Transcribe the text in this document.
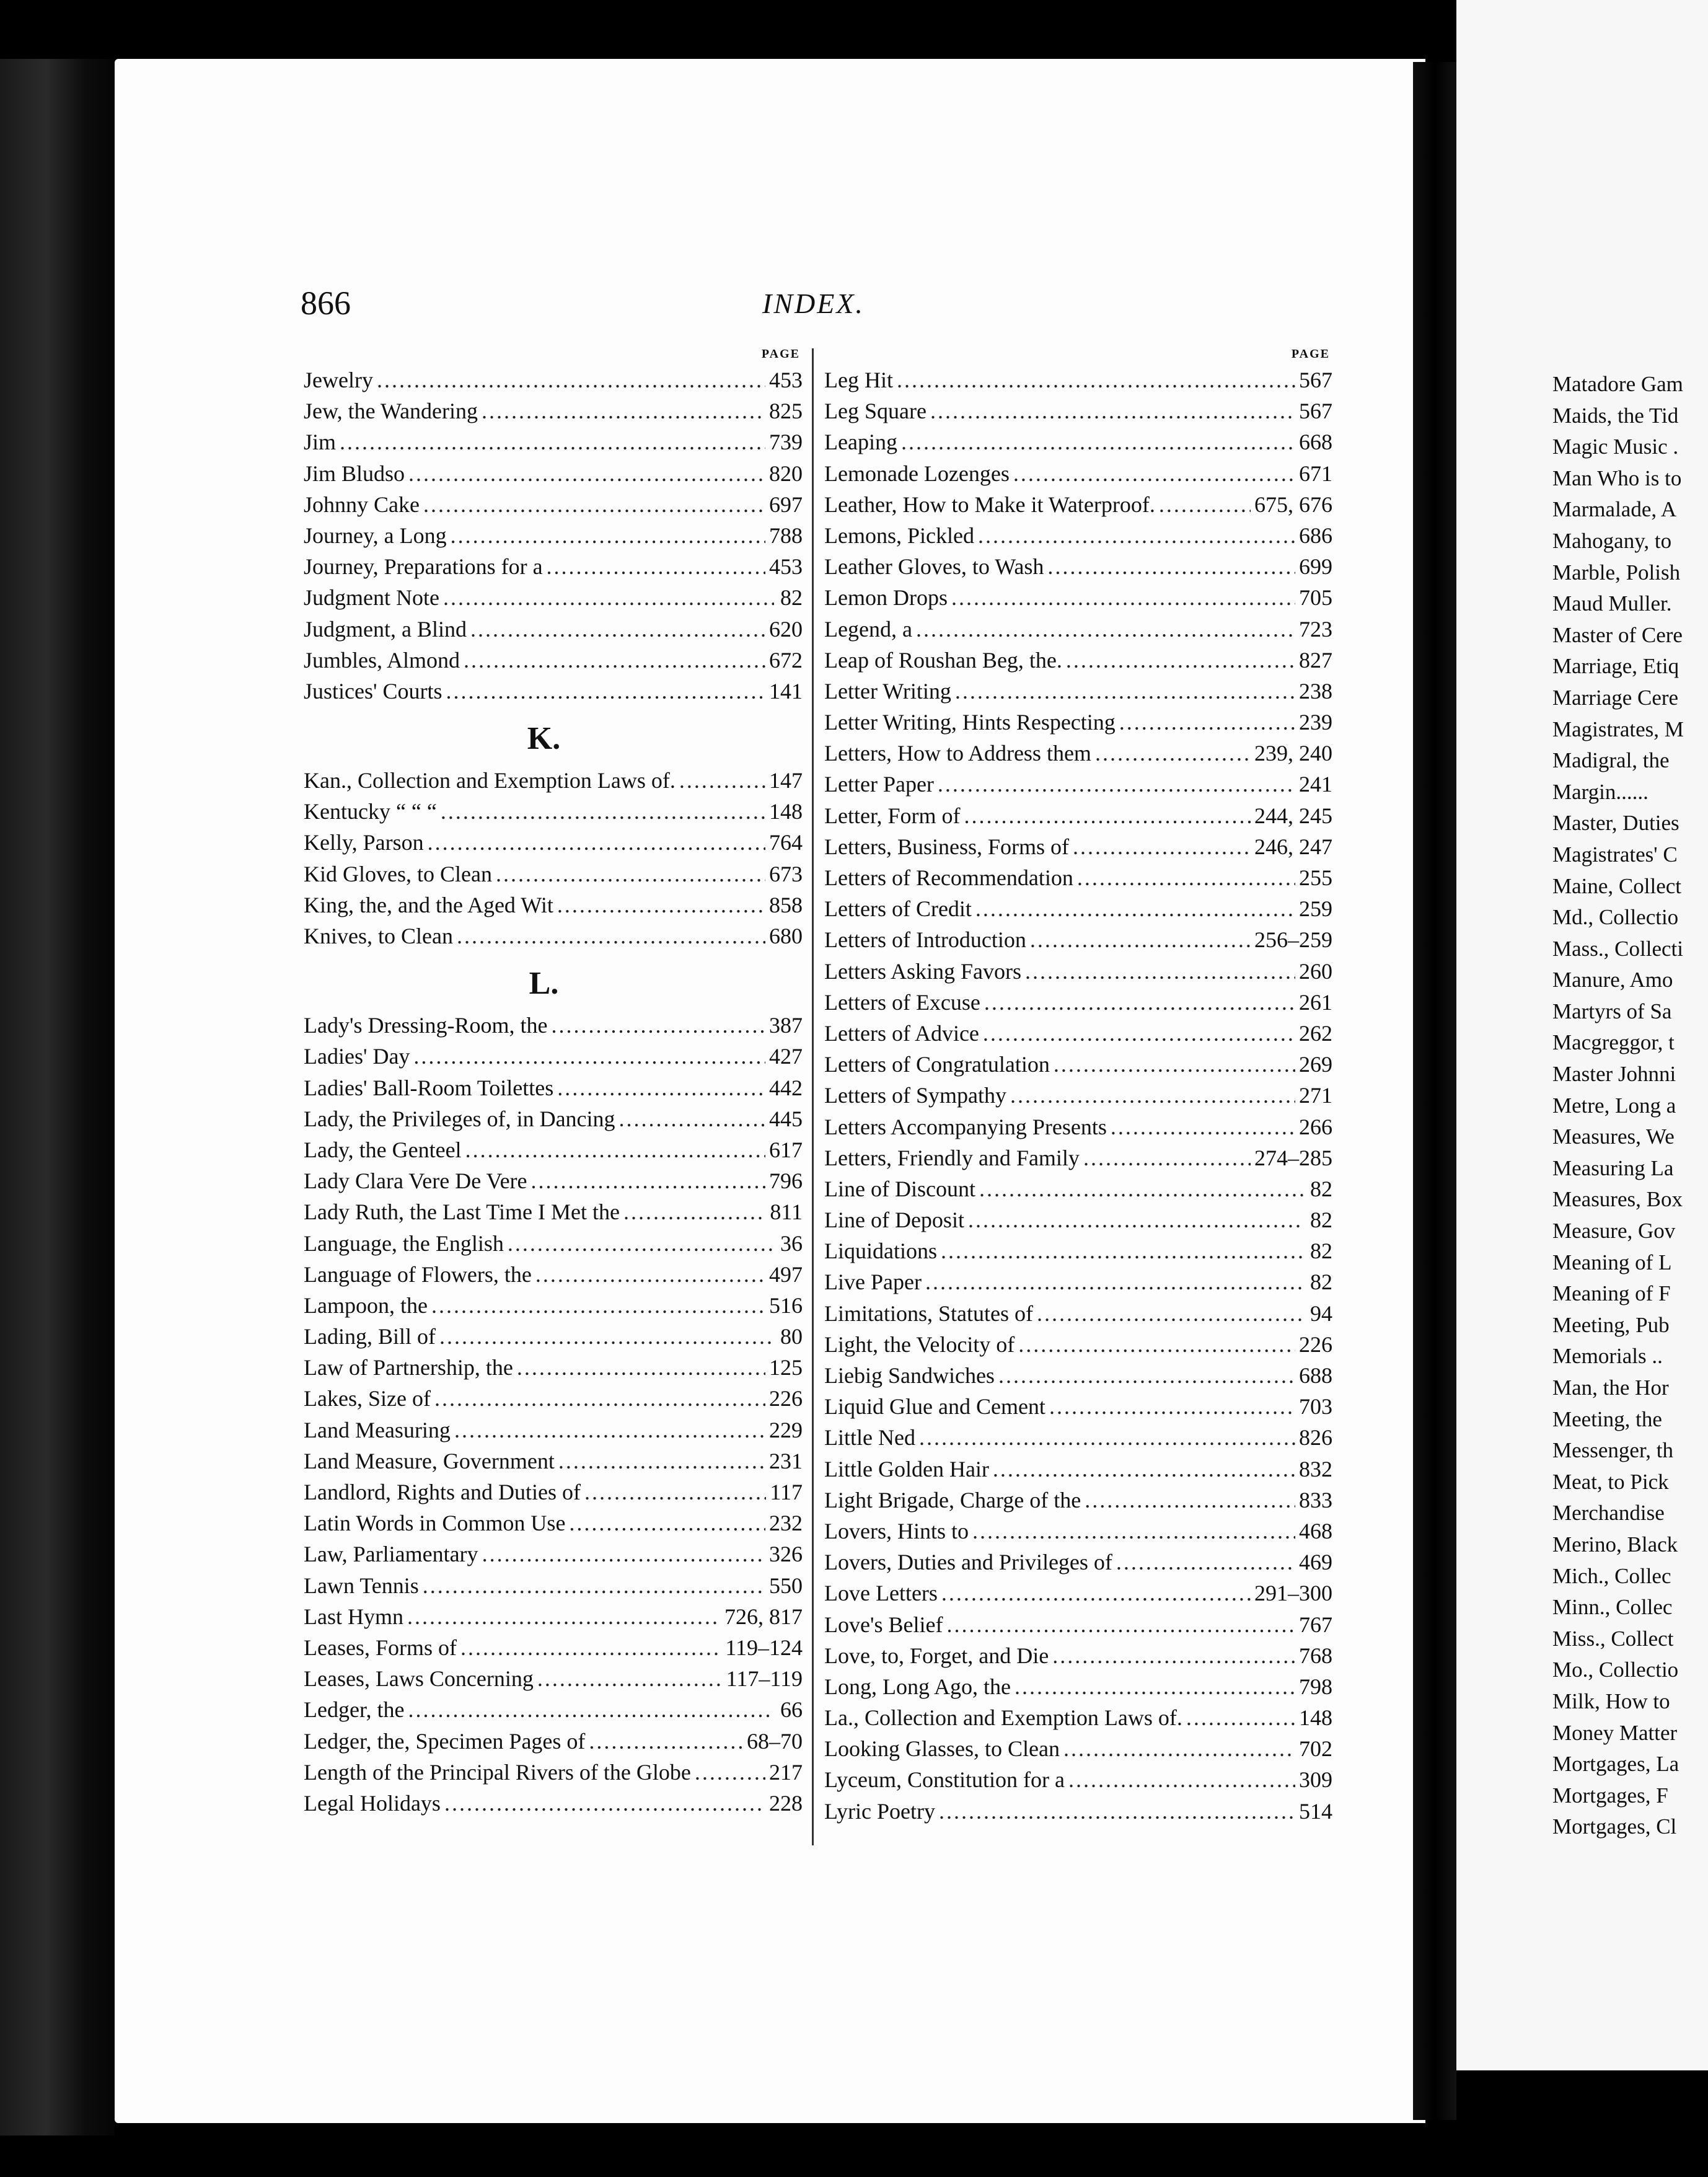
866	INDEX.
PAGE
Jewelry .....	453
Jew, the Wandering .....	825
Jim .....	739
Jim Bludso .....	820
Johnny Cake .....	697
Journey, a Long .....	788
Journey, Preparations for a .....	453
Judgment Note .....	82
Judgment, a Blind .....	620
Jumbles, Almond .....	672
Justices' Courts .....	141
K.
Kan., Collection and Exemption Laws of. .....	147
Kentucky “ “ “ .....	148
Kelly, Parson .....	764
Kid Gloves, to Clean .....	673
King, the, and the Aged Wit .....	858
Knives, to Clean .....	680
L.
Lady's Dressing-Room, the .....	387
Ladies' Day .....	427
Ladies' Ball-Room Toilettes .....	442
Lady, the Privileges of, in Dancing .....	445
Lady, the Genteel .....	617
Lady Clara Vere De Vere .....	796
Lady Ruth, the Last Time I Met the .....	811
Language, the English .....	36
Language of Flowers, the .....	497
Lampoon, the .....	516
Lading, Bill of .....	80
Law of Partnership, the .....	125
Lakes, Size of .....	226
Land Measuring .....	229
Land Measure, Government .....	231
Landlord, Rights and Duties of .....	117
Latin Words in Common Use .....	232
Law, Parliamentary .....	326
Lawn Tennis .....	550
Last Hymn .....	726, 817
Leases, Forms of .....	119–124
Leases, Laws Concerning .....	117–119
Ledger, the .....	66
Ledger, the, Specimen Pages of .....	68–70
Length of the Principal Rivers of the Globe .....	217
Legal Holidays .....	228
PAGE
Leg Hit .....	567
Leg Square .....	567
Leaping .....	668
Lemonade Lozenges .....	671
Leather, How to Make it Waterproof. .....	675, 676
Lemons, Pickled .....	686
Leather Gloves, to Wash .....	699
Lemon Drops .....	705
Legend, a .....	723
Leap of Roushan Beg, the. .....	827
Letter Writing .....	238
Letter Writing, Hints Respecting .....	239
Letters, How to Address them .....	239, 240
Letter Paper .....	241
Letter, Form of .....	244, 245
Letters, Business, Forms of .....	246, 247
Letters of Recommendation .....	255
Letters of Credit .....	259
Letters of Introduction .....	256–259
Letters Asking Favors .....	260
Letters of Excuse .....	261
Letters of Advice .....	262
Letters of Congratulation .....	269
Letters of Sympathy .....	271
Letters Accompanying Presents .....	266
Letters, Friendly and Family .....	274–285
Line of Discount .....	82
Line of Deposit .....	82
Liquidations .....	82
Live Paper .....	82
Limitations, Statutes of .....	94
Light, the Velocity of .....	226
Liebig Sandwiches .....	688
Liquid Glue and Cement .....	703
Little Ned .....	826
Little Golden Hair .....	832
Light Brigade, Charge of the .....	833
Lovers, Hints to .....	468
Lovers, Duties and Privileges of .....	469
Love Letters .....	291–300
Love's Belief .....	767
Love, to, Forget, and Die .....	768
Long, Long Ago, the .....	798
La., Collection and Exemption Laws of. .....	148
Looking Glasses, to Clean .....	702
Lyceum, Constitution for a .....	309
Lyric Poetry .....	514
Matadore Gam
Maids, the Tid
Magic Music .
Man Who is to
Marmalade, A
Mahogany, to
Marble, Polish
Maud Muller.
Master of Cere
Marriage, Etiq
Marriage Cere
Magistrates, M
Madigral, the
Margin......
Master, Duties
Magistrates' C
Maine, Collect
Md., Collectio
Mass., Collecti
Manure, Amo
Martyrs of Sa
Macgreggor, t
Master Johnni
Metre, Long a
Measures, We
Measuring La
Measures, Box
Measure, Gov
Meaning of L
Meaning of F
Meeting, Pub
Memorials ..
Man, the Hor
Meeting, the
Messenger, th
Meat, to Pick
Merchandise
Merino, Black
Mich., Collec
Minn., Collec
Miss., Collect
Mo., Collectio
Milk, How to
Money Matter
Mortgages, La
Mortgages, F
Mortgages, Cl
